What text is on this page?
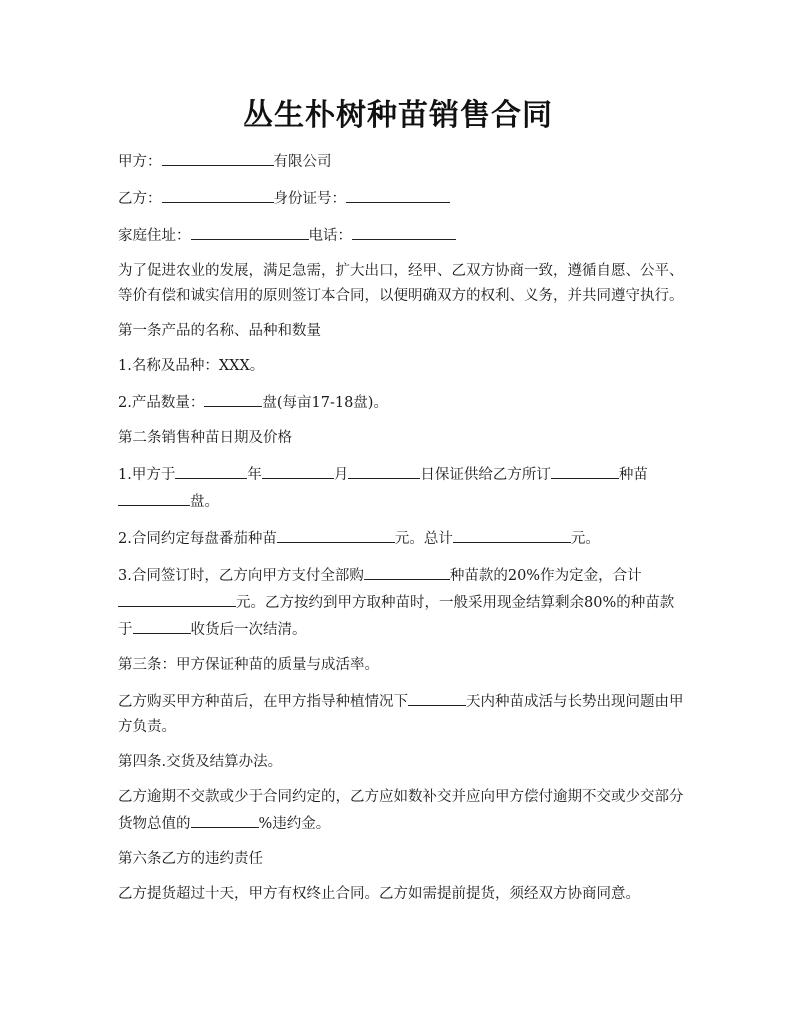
丛生朴树种苗销售合同

甲方：	有限公司

乙方：	身份证号：

家庭住址：	电话：

为了促进农业的发展，满足急需，扩大出口，经甲、乙双方协商一致，遵循自愿、公平、等价有偿和诚实信用的原则签订本合同，以便明确双方的权利、义务，并共同遵守执行。

第一条产品的名称、品种和数量

1.名称及品种：XXX。

2.产品数量：	盘(每亩17-18盘)。

第二条销售种苗日期及价格

1.甲方于	年	月	日保证供给乙方所订	种苗盘。

2.合同约定每盘番茄种苗	元。总计	元。

3.合同签订时，乙方向甲方支付全部购	种苗款的20%作为定金，合计元。乙方按约到甲方取种苗时，一般采用现金结算剩余80%的种苗款于	收货后一次结清。

第三条：甲方保证种苗的质量与成活率。

乙方购买甲方种苗后，在甲方指导种植情况下	天内种苗成活与长势出现问题由甲方负责。

第四条.交货及结算办法。

乙方逾期不交款或少于合同约定的，乙方应如数补交并应向甲方偿付逾期不交或少交部分货物总值的	%违约金。

第六条乙方的违约责任

乙方提货超过十天，甲方有权终止合同。乙方如需提前提货，须经双方协商同意。
